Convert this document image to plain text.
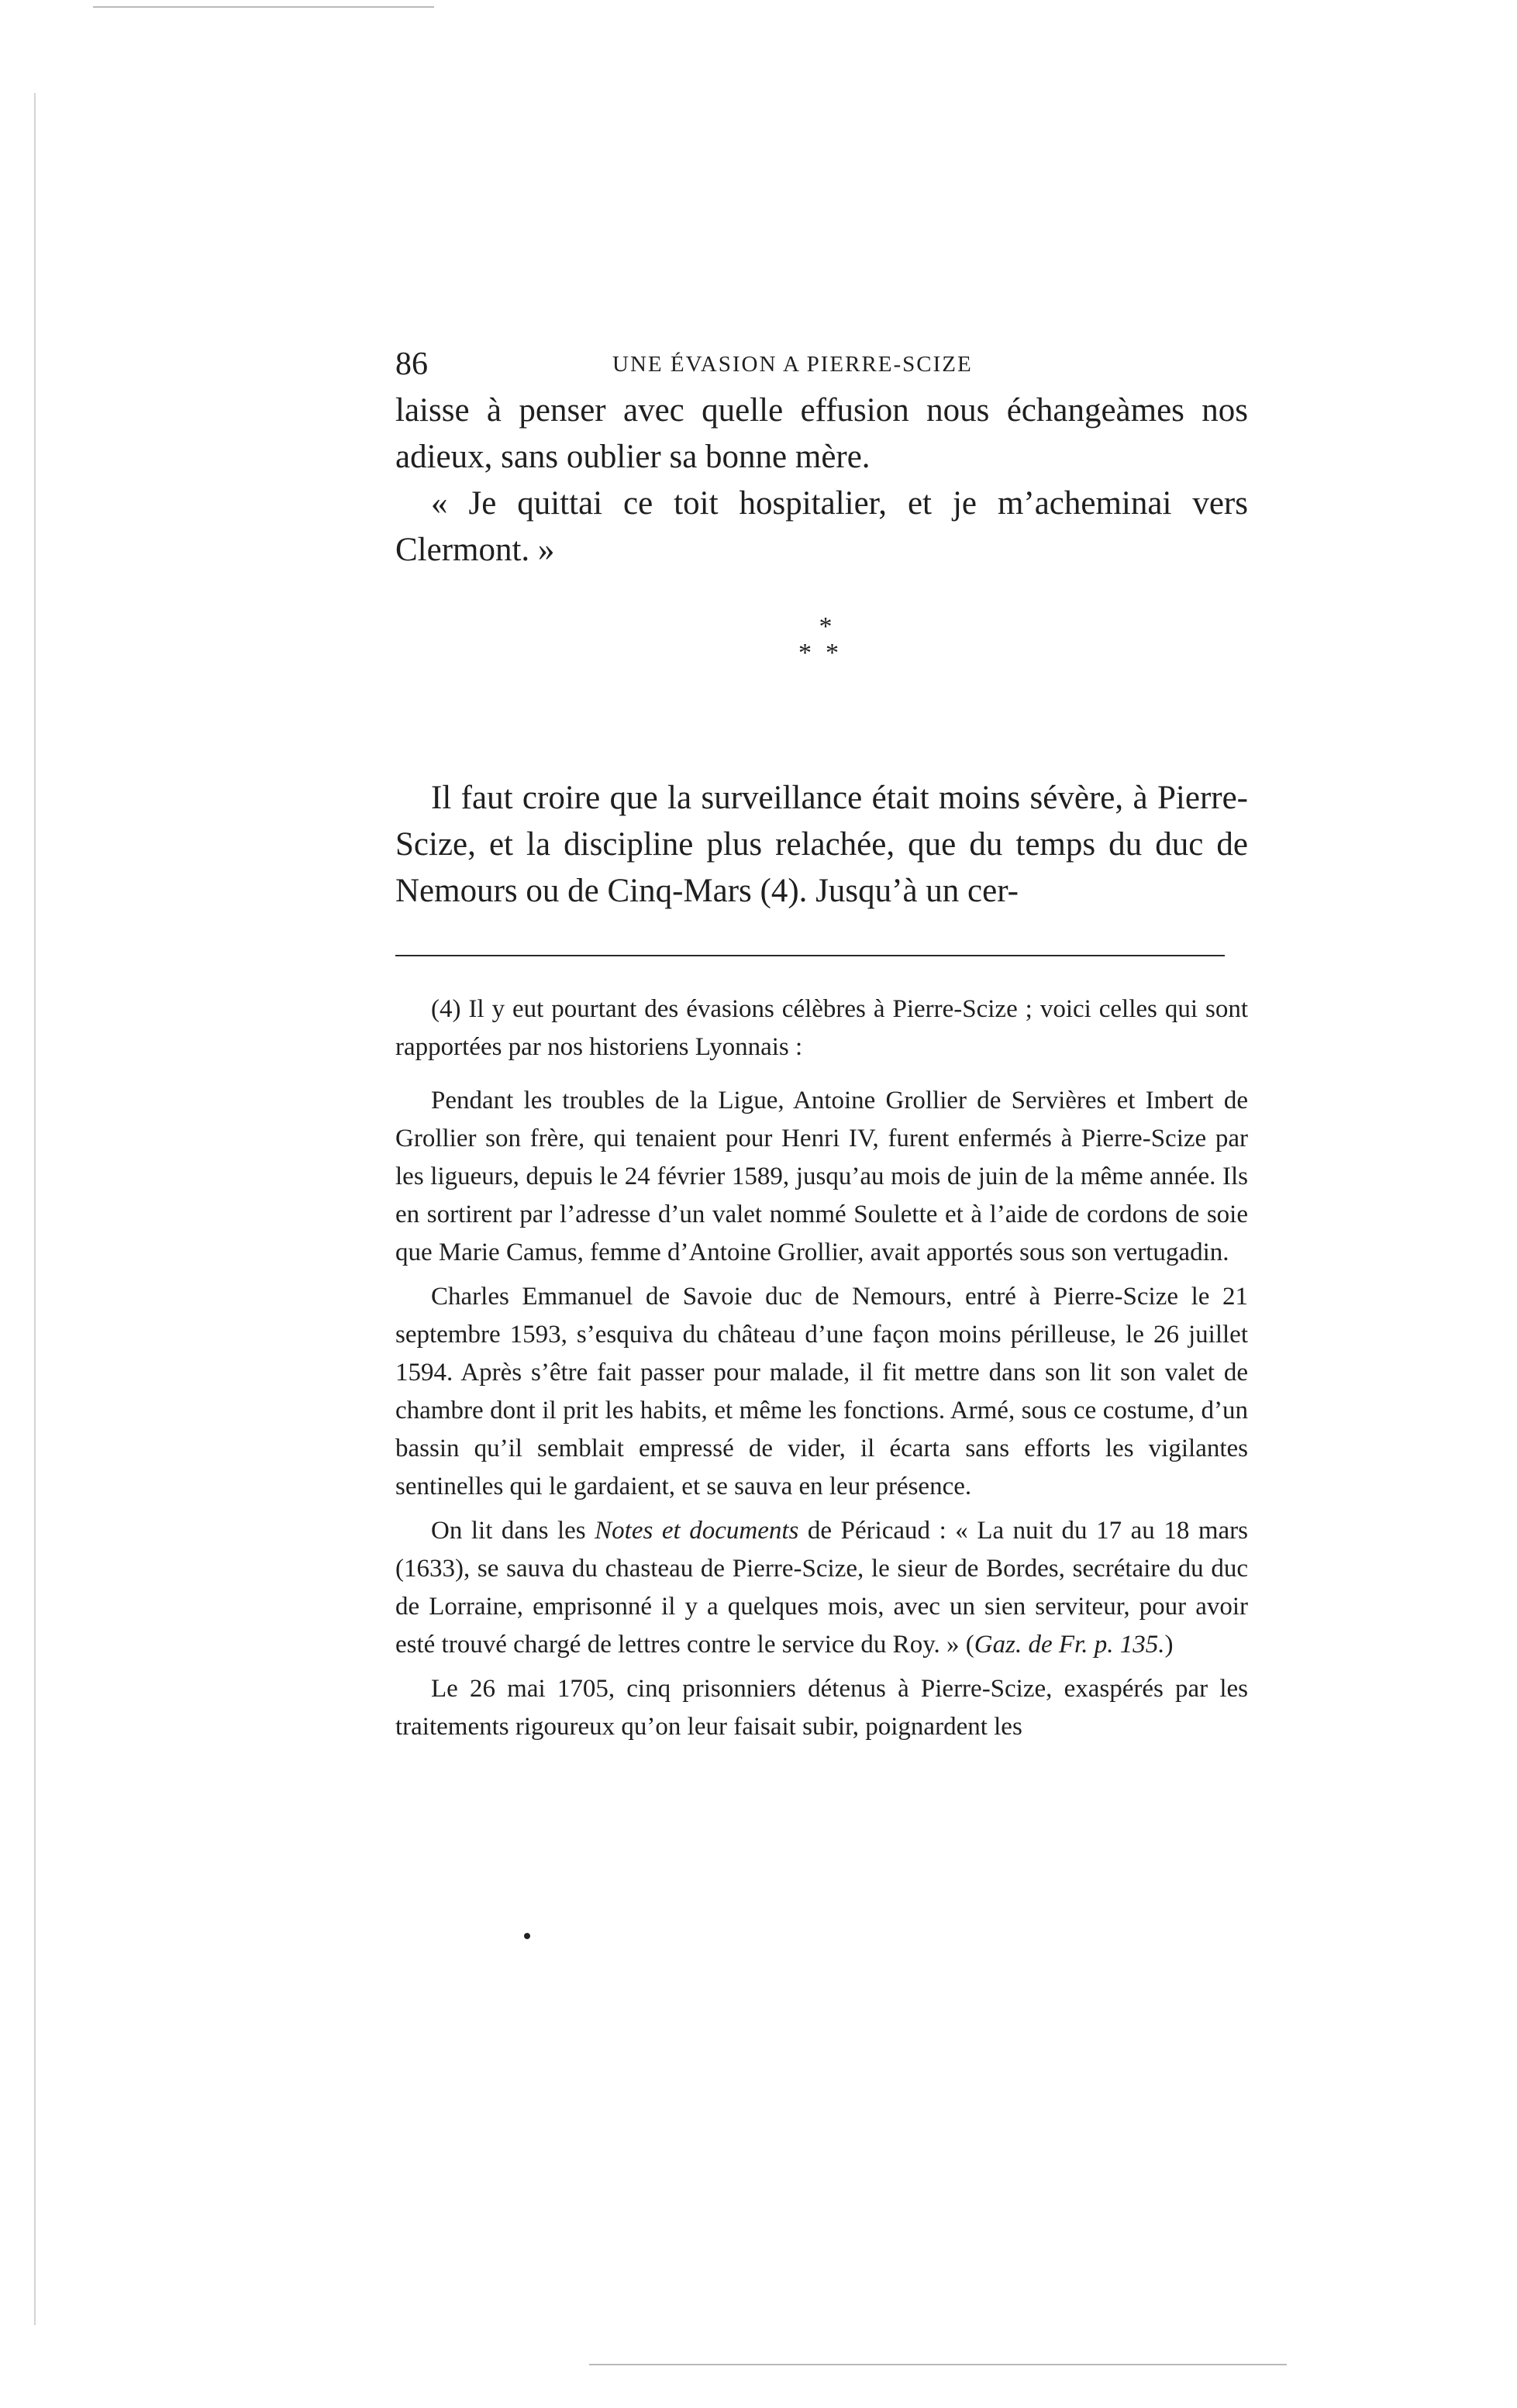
86	UNE ÉVASION A PIERRE-SCIZE

laisse à penser avec quelle effusion nous échangeàmes nos adieux, sans oublier sa bonne mère.

« Je quittai ce toit hospitalier, et je m’acheminai vers Clermont. »

*
**

Il faut croire que la surveillance était moins sévère, à Pierre-Scize, et la discipline plus relachée, que du temps du duc de Nemours ou de Cinq-Mars (4). Jusqu’à un cer-

(4) Il y eut pourtant des évasions célèbres à Pierre-Scize ; voici celles qui sont rapportées par nos historiens Lyonnais :

Pendant les troubles de la Ligue, Antoine Grollier de Servières et Imbert de Grollier son frère, qui tenaient pour Henri IV, furent enfermés à Pierre-Scize par les ligueurs, depuis le 24 février 1589, jusqu’au mois de juin de la même année. Ils en sortirent par l’adresse d’un valet nommé Soulette et à l’aide de cordons de soie que Marie Camus, femme d’Antoine Grollier, avait apportés sous son vertugadin.

Charles Emmanuel de Savoie duc de Nemours, entré à Pierre-Scize le 21 septembre 1593, s’esquiva du château d’une façon moins périlleuse, le 26 juillet 1594. Après s’être fait passer pour malade, il fit mettre dans son lit son valet de chambre dont il prit les habits, et même les fonctions. Armé, sous ce costume, d’un bassin qu’il semblait empressé de vider, il écarta sans efforts les vigilantes sentinelles qui le gardaient, et se sauva en leur présence.

On lit dans les Notes et documents de Péricaud : « La nuit du 17 au 18 mars (1633), se sauva du chasteau de Pierre-Scize, le sieur de Bordes, secrétaire du duc de Lorraine, emprisonné il y a quelques mois, avec un sien serviteur, pour avoir esté trouvé chargé de lettres contre le service du Roy. » (Gaz. de Fr. p. 135.)

Le 26 mai 1705, cinq prisonniers détenus à Pierre-Scize, exaspérés par les traitements rigoureux qu’on leur faisait subir, poignardent les
